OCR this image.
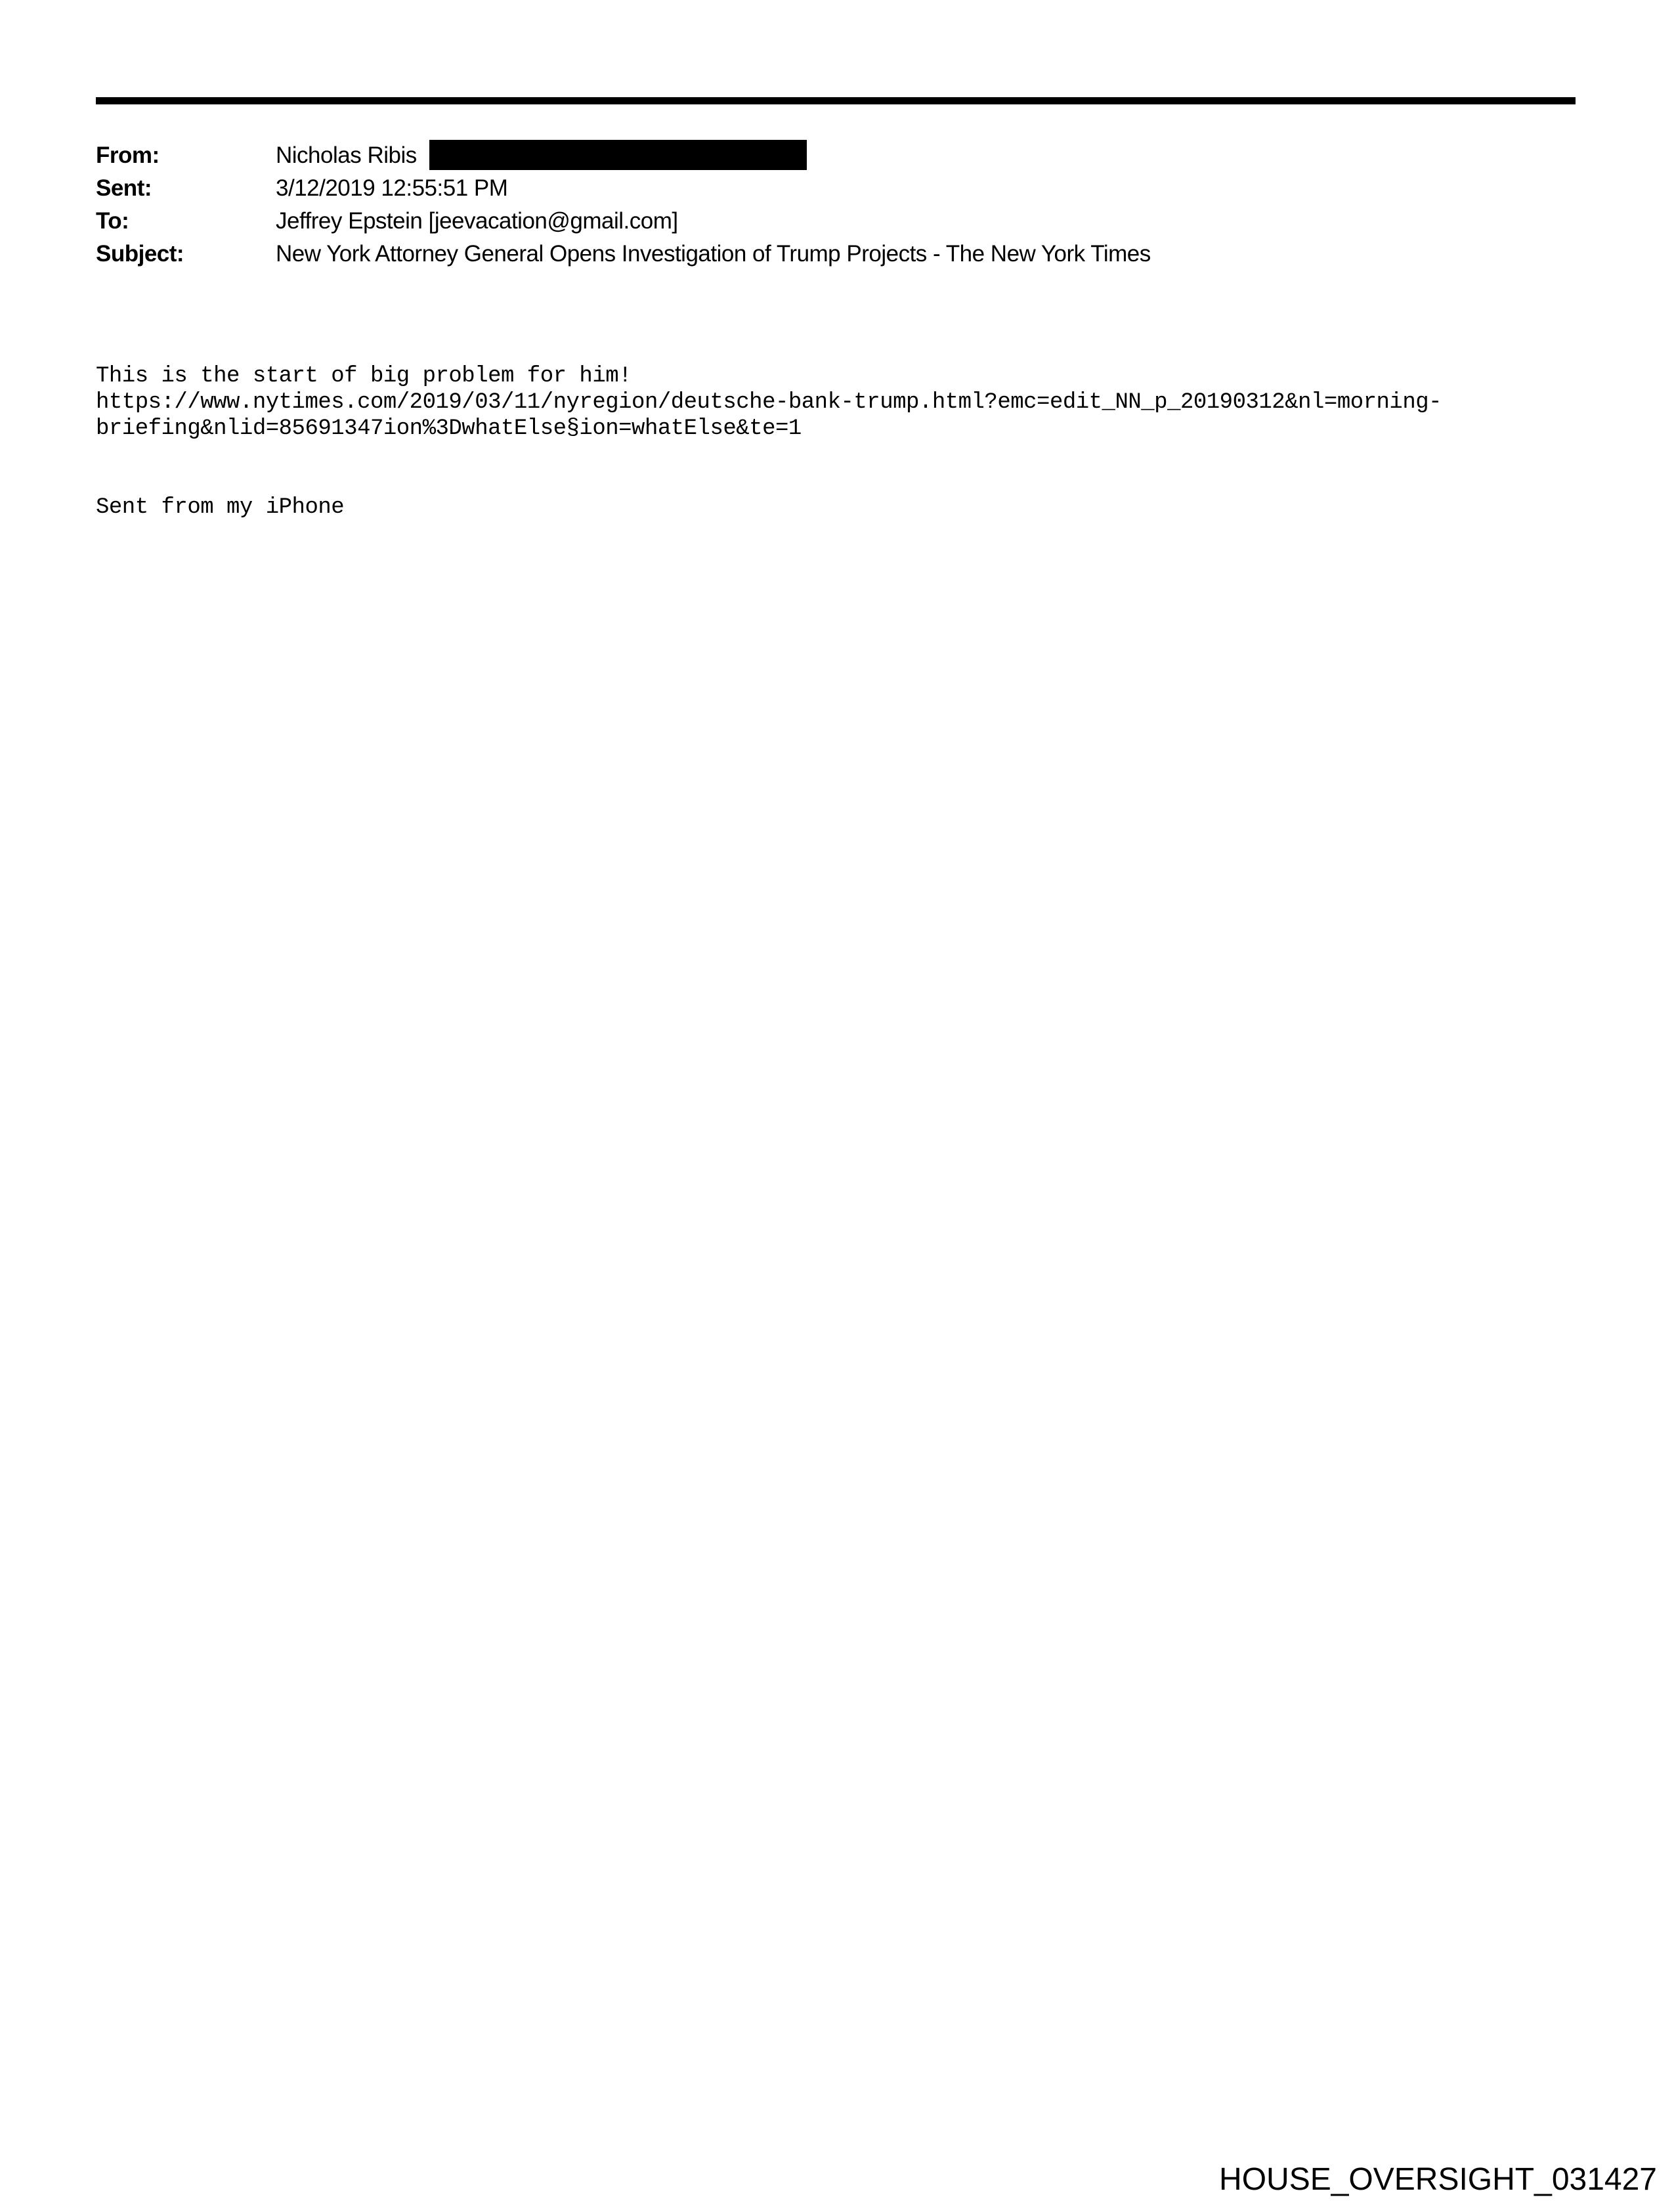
From:	Nicholas Ribis
Sent:	3/12/2019 12:55:51 PM
To:	Jeffrey Epstein [jeevacation@gmail.com]
Subject:	New York Attorney General Opens Investigation of Trump Projects - The New York Times
This is the start of big problem for him!
https://www.nytimes.com/2019/03/11/nyregion/deutsche-bank-trump.html?emc=edit_NN_p_20190312&nl=morning-
briefing&nlid=85691347ion%3DwhatElse§ion=whatElse&te=1
Sent from my iPhone
HOUSE_OVERSIGHT_031427
